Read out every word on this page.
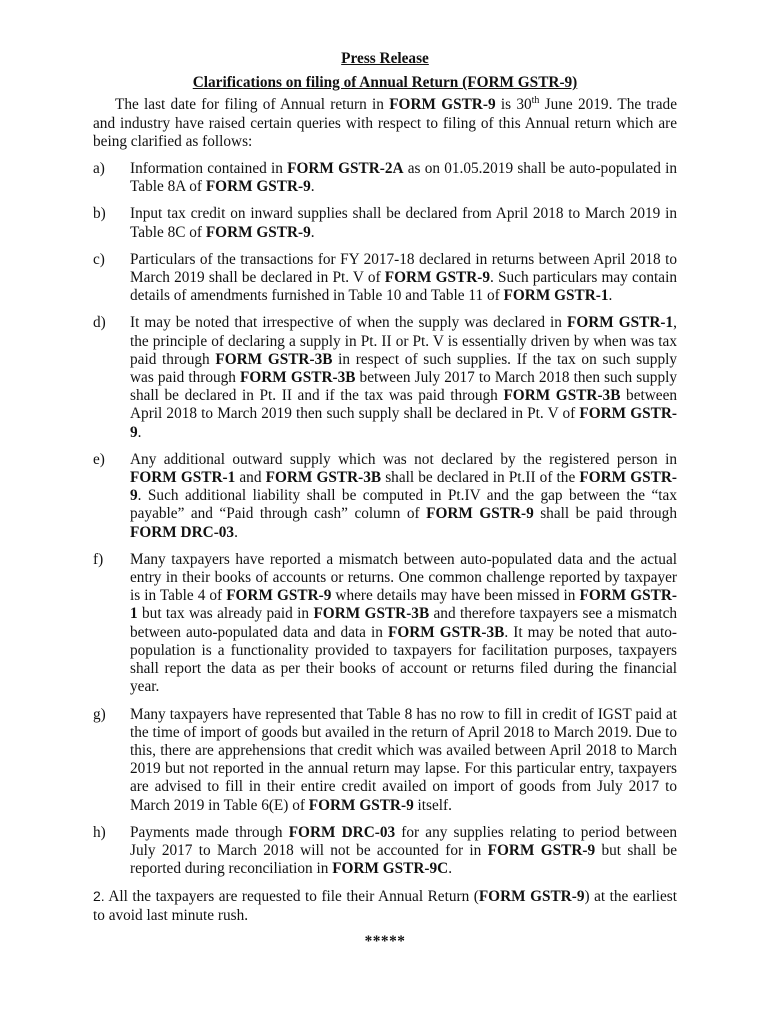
Press Release

Clarifications on filing of Annual Return (FORM GSTR-9)

The last date for filing of Annual return in FORM GSTR-9 is 30th June 2019. The trade and industry have raised certain queries with respect to filing of this Annual return which are being clarified as follows:

a)	Information contained in FORM GSTR-2A as on 01.05.2019 shall be auto-populated in Table 8A of FORM GSTR-9.
b)	Input tax credit on inward supplies shall be declared from April 2018 to March 2019 in Table 8C of FORM GSTR-9.
c)	Particulars of the transactions for FY 2017-18 declared in returns between April 2018 to March 2019 shall be declared in Pt. V of FORM GSTR-9. Such particulars may contain details of amendments furnished in Table 10 and Table 11 of FORM GSTR-1.
d)	It may be noted that irrespective of when the supply was declared in FORM GSTR-1, the principle of declaring a supply in Pt. II or Pt. V is essentially driven by when was tax paid through FORM GSTR-3B in respect of such supplies. If the tax on such supply was paid through FORM GSTR-3B between July 2017 to March 2018 then such supply shall be declared in Pt. II and if the tax was paid through FORM GSTR-3B between April 2018 to March 2019 then such supply shall be declared in Pt. V of FORM GSTR-9.
e)	Any additional outward supply which was not declared by the registered person in FORM GSTR-1 and FORM GSTR-3B shall be declared in Pt.II of the FORM GSTR-9. Such additional liability shall be computed in Pt.IV and the gap between the “tax payable” and “Paid through cash” column of FORM GSTR-9 shall be paid through FORM DRC-03.
f)	Many taxpayers have reported a mismatch between auto-populated data and the actual entry in their books of accounts or returns. One common challenge reported by taxpayer is in Table 4 of FORM GSTR-9 where details may have been missed in FORM GSTR-1 but tax was already paid in FORM GSTR-3B and therefore taxpayers see a mismatch between auto-populated data and data in FORM GSTR-3B. It may be noted that auto-population is a functionality provided to taxpayers for facilitation purposes, taxpayers shall report the data as per their books of account or returns filed during the financial year.
g)	Many taxpayers have represented that Table 8 has no row to fill in credit of IGST paid at the time of import of goods but availed in the return of April 2018 to March 2019. Due to this, there are apprehensions that credit which was availed between April 2018 to March 2019 but not reported in the annual return may lapse. For this particular entry, taxpayers are advised to fill in their entire credit availed on import of goods from July 2017 to March 2019 in Table 6(E) of FORM GSTR-9 itself.
h)	Payments made through FORM DRC-03 for any supplies relating to period between July 2017 to March 2018 will not be accounted for in FORM GSTR-9 but shall be reported during reconciliation in FORM GSTR-9C.

2. All the taxpayers are requested to file their Annual Return (FORM GSTR-9) at the earliest to avoid last minute rush.

*****
